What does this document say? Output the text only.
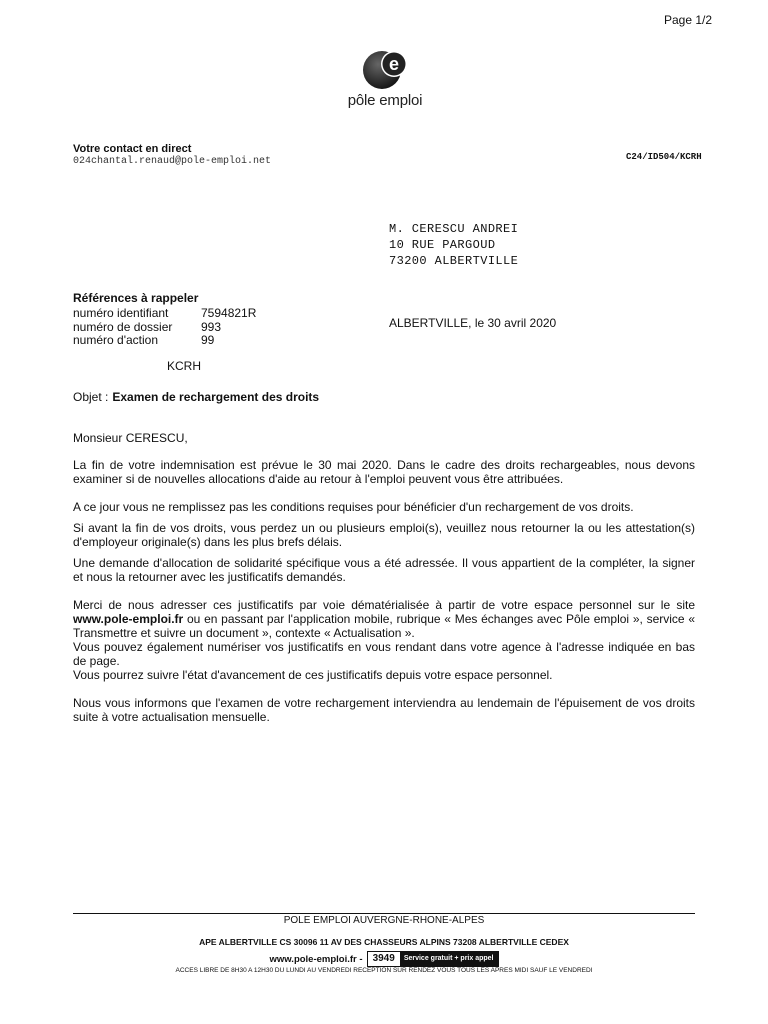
Page 1/2
e
pôle emploi
Votre contact en direct
024chantal.renaud@pole-emploi.net	C24/ID504/KCRH
M. CERESCU ANDREI
10 RUE PARGOUD
73200 ALBERTVILLE
Références à rappeler
numéro identifiant	7594821R
numéro de dossier 993
numéro d'action	99
KCRH
ALBERTVILLE, le 30 avril 2020
Objet : Examen de rechargement des droits
Monsieur CERESCU,
La fin de votre indemnisation est prévue le 30 mai 2020. Dans le cadre des droits rechargeables, nous devons examiner si de nouvelles allocations d'aide au retour à l'emploi peuvent vous être attribuées.
A ce jour vous ne remplissez pas les conditions requises pour bénéficier d'un rechargement de vos droits.
Si avant la fin de vos droits, vous perdez un ou plusieurs emploi(s), veuillez nous retourner la ou les attestation(s) d'employeur originale(s) dans les plus brefs délais.
Une demande d'allocation de solidarité spécifique vous a été adressée. Il vous appartient de la compléter, la signer et nous la retourner avec les justificatifs demandés.
Merci de nous adresser ces justificatifs par voie dématérialisée à partir de votre espace personnel sur le site www.pole-emploi.fr ou en passant par l'application mobile, rubrique « Mes échanges avec Pôle emploi », service « Transmettre et suivre un document », contexte « Actualisation ».
Vous pouvez également numériser vos justificatifs en vous rendant dans votre agence à l'adresse indiquée en bas de page.
Vous pourrez suivre l'état d'avancement de ces justificatifs depuis votre espace personnel.
Nous vous informons que l'examen de votre rechargement interviendra au lendemain de l'épuisement de vos droits suite à votre actualisation mensuelle.
POLE EMPLOI AUVERGNE-RHONE-ALPES
APE ALBERTVILLE CS 30096 11 AV DES CHASSEURS ALPINS 73208 ALBERTVILLE CEDEX
www.pole-emploi.fr -	3949	Service gratuit + prix appel
ACCES LIBRE DE 8H30 A 12H30 DU LUNDI AU VENDREDI RECEPTION SUR RENDEZ VOUS TOUS LES APRES MIDI SAUF LE VENDREDI
